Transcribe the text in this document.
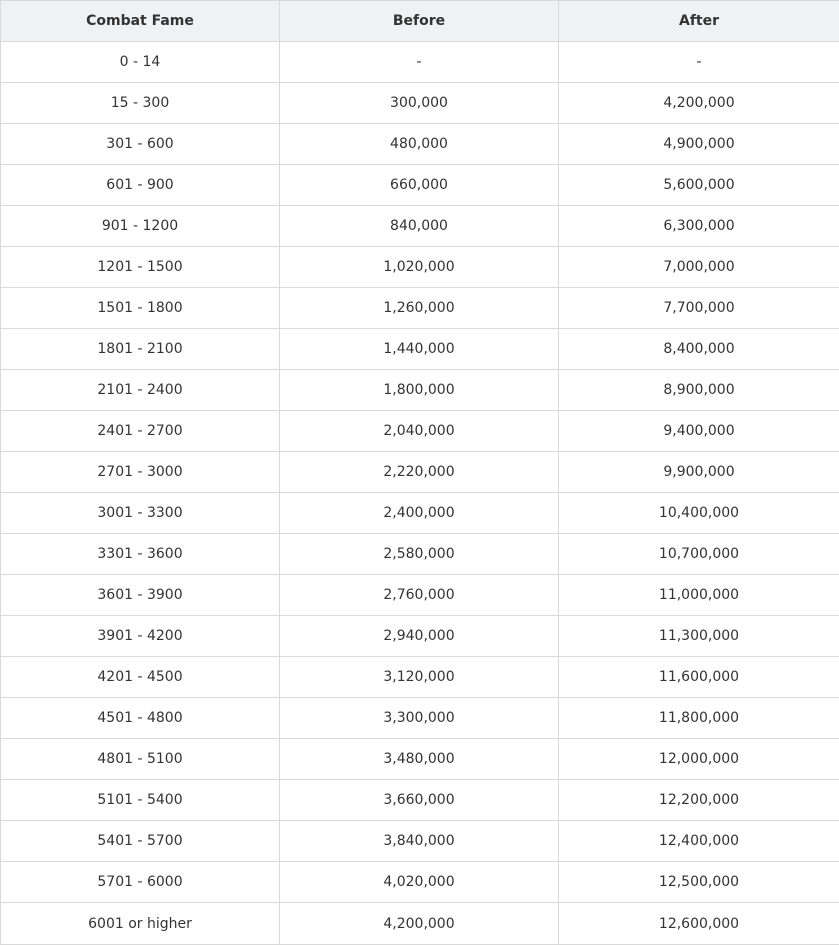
Combat Fame	Before	After
0 - 14	-	-
15 - 300	300,000	4,200,000
301 - 600	480,000	4,900,000
601 - 900	660,000	5,600,000
901 - 1200	840,000	6,300,000
1201 - 1500	1,020,000	7,000,000
1501 - 1800	1,260,000	7,700,000
1801 - 2100	1,440,000	8,400,000
2101 - 2400	1,800,000	8,900,000
2401 - 2700	2,040,000	9,400,000
2701 - 3000	2,220,000	9,900,000
3001 - 3300	2,400,000	10,400,000
3301 - 3600	2,580,000	10,700,000
3601 - 3900	2,760,000	11,000,000
3901 - 4200	2,940,000	11,300,000
4201 - 4500	3,120,000	11,600,000
4501 - 4800	3,300,000	11,800,000
4801 - 5100	3,480,000	12,000,000
5101 - 5400	3,660,000	12,200,000
5401 - 5700	3,840,000	12,400,000
5701 - 6000	4,020,000	12,500,000
6001 or higher	4,200,000	12,600,000
